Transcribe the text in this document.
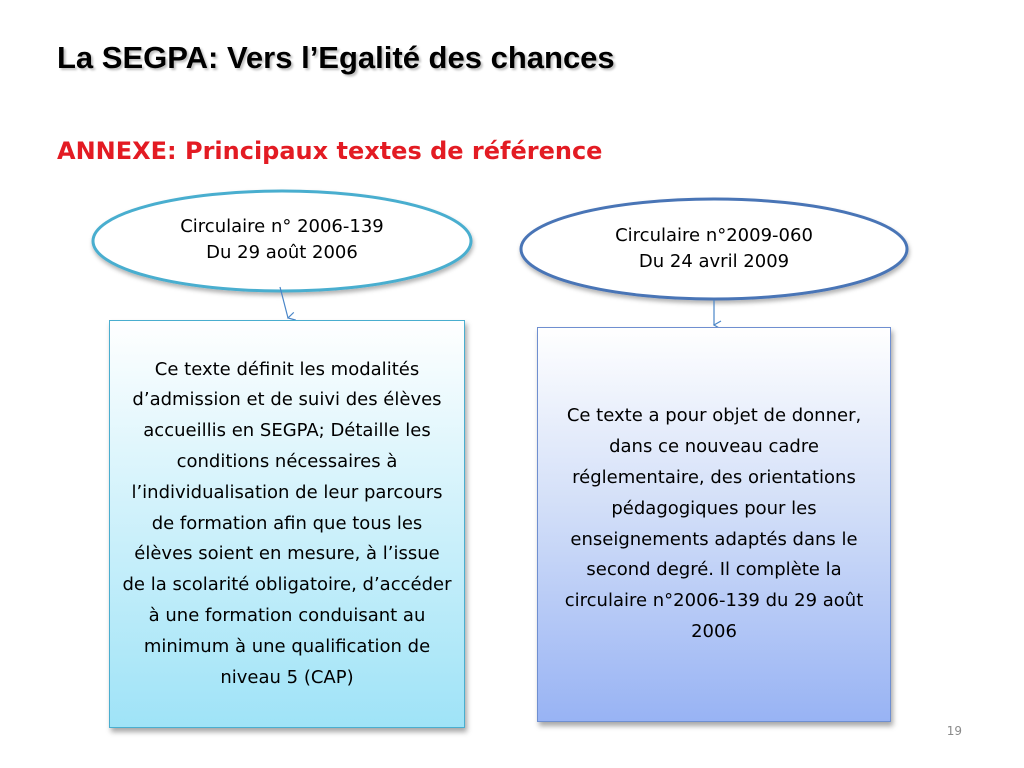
La SEGPA: Vers l’Egalité des chances
ANNEXE: Principaux textes de référence
Circulaire n° 2006-139
Du 29 août 2006
Circulaire n°2009-060
Du 24 avril 2009
Ce texte définit les modalités d’admission et de suivi des élèves accueillis en SEGPA; Détaille les conditions nécessaires à l’individualisation de leur parcours de formation afin que tous les élèves soient en mesure, à l’issue de la scolarité obligatoire, d’accéder à une formation conduisant au minimum à une qualification de niveau 5 (CAP)
Ce texte a pour objet de donner, dans ce nouveau cadre réglementaire, des orientations pédagogiques pour les enseignements adaptés dans le second degré. Il complète la circulaire n°2006-139 du 29 août 2006
19
